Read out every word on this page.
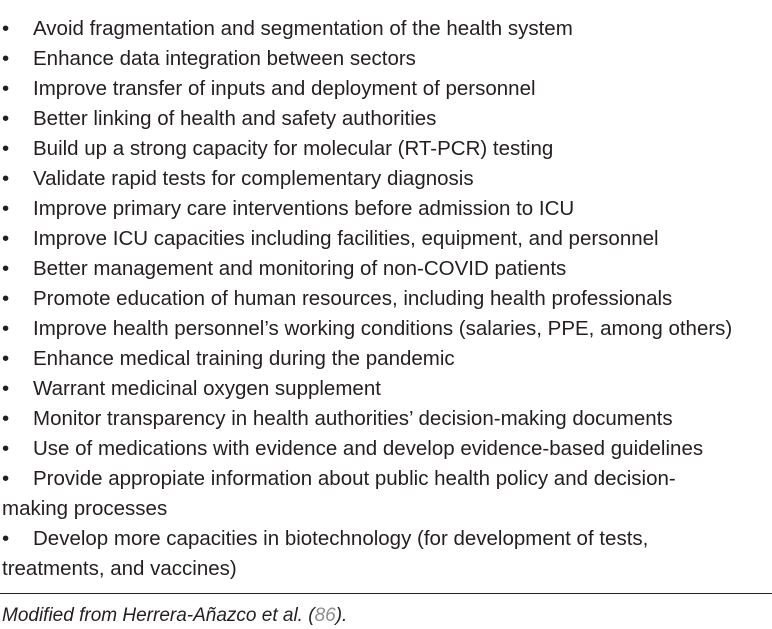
•	Avoid fragmentation and segmentation of the health system
•	Enhance data integration between sectors
•	Improve transfer of inputs and deployment of personnel
•	Better linking of health and safety authorities
•	Build up a strong capacity for molecular (RT-PCR) testing
•	Validate rapid tests for complementary diagnosis
•	Improve primary care interventions before admission to ICU
•	Improve ICU capacities including facilities, equipment, and personnel
•	Better management and monitoring of non-COVID patients
•	Promote education of human resources, including health professionals
•	Improve health personnel’s working conditions (salaries, PPE, among others)
•	Enhance medical training during the pandemic
•	Warrant medicinal oxygen supplement
•	Monitor transparency in health authorities’ decision-making documents
•	Use of medications with evidence and develop evidence-based guidelines
• Provide appropiate information about public health policy and decision-making processes
• Develop more capacities in biotechnology (for development of tests, treatments, and vaccines)
Modified from Herrera-Añazco et al. (86).
